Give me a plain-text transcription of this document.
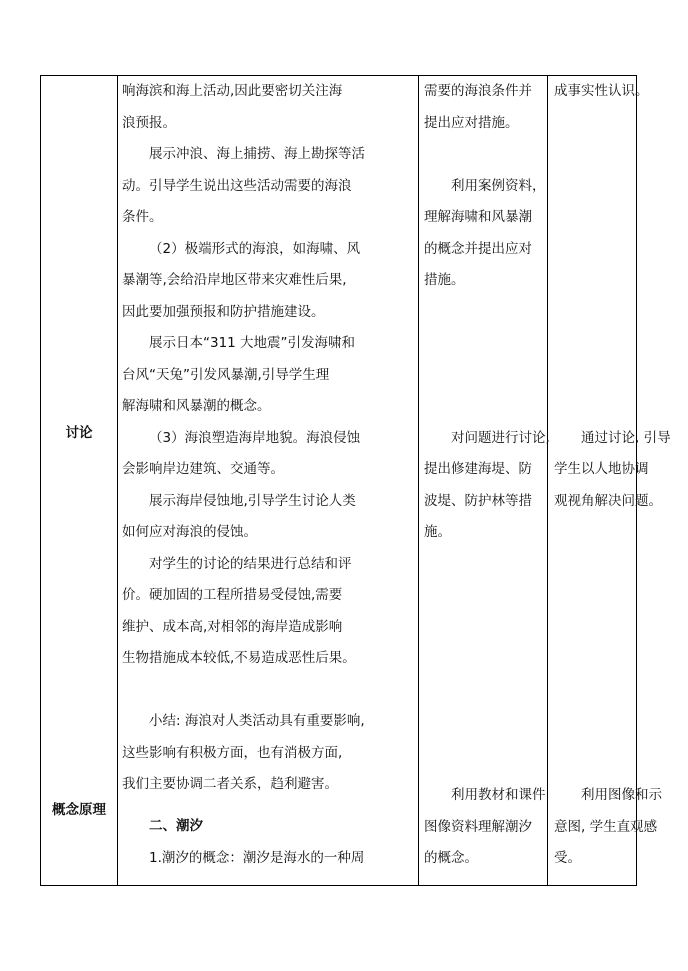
讨论
概念原理

响海滨和海上活动,因此要密切关注海

浪预报。

展示冲浪、海上捕捞、海上勘探等活

动。引导学生说出这些活动需要的海浪

条件。

（2）极端形式的海浪，如海啸、风

暴潮等,会给沿岸地区带来灾难性后果,

因此要加强预报和防护措施建设。

展示日本“311 大地震”引发海啸和

台风“天兔”引发风暴潮,引导学生理

解海啸和风暴潮的概念。

（3）海浪塑造海岸地貌。海浪侵蚀

会影响岸边建筑、交通等。

展示海岸侵蚀地,引导学生讨论人类

如何应对海浪的侵蚀。

对学生的讨论的结果进行总结和评

价。硬加固的工程所措易受侵蚀,需要

维护、成本高,对相邻的海岸造成影响

生物措施成本较低,不易造成恶性后果。

小结: 海浪对人类活动具有重要影响,

这些影响有积极方面，也有消极方面,

我们主要协调二者关系，趋利避害。

二、潮汐

1.潮汐的概念：潮汐是海水的一种周

需要的海浪条件并

提出应对措施。

利用案例资料，

理解海啸和风暴潮

的概念并提出应对

措施。

对问题进行讨论,

提出修建海堤、防

波堤、防护林等措

施。

利用教材和课件

图像资料理解潮汐

的概念。

成事实性认识。

通过讨论, 引导

学生以人地协调

观视角解决问题。

利用图像和示

意图, 学生直观感

受。
